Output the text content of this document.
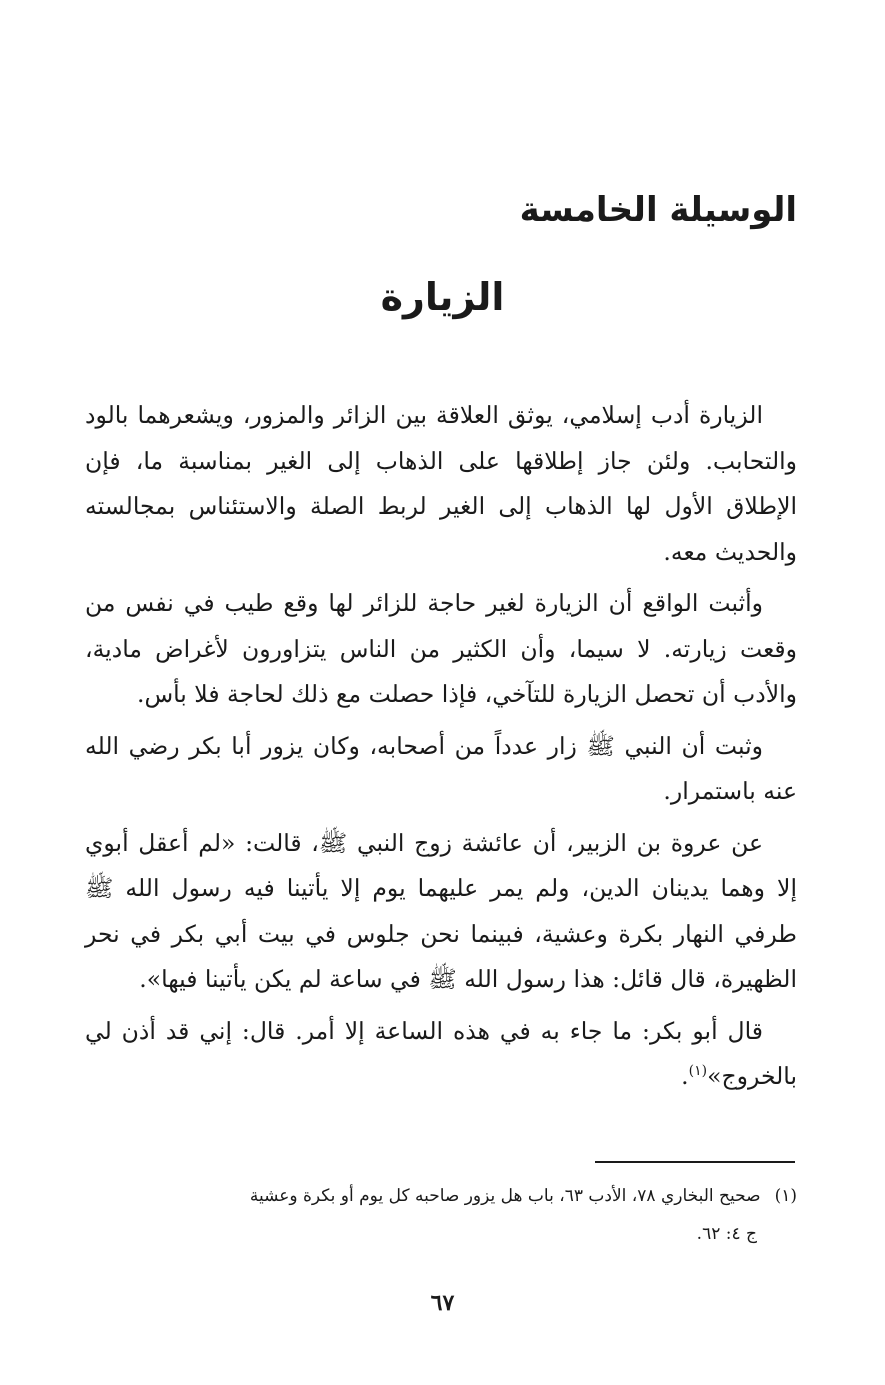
الوسيلة الخامسة
الزيارة

الزيارة أدب إسلامي، يوثق العلاقة بين الزائر والمزور، ويشعرهما بالود والتحابب. ولئن جاز إطلاقها على الذهاب إلى الغير بمناسبة ما، فإن الإطلاق الأول لها الذهاب إلى الغير لربط الصلة والاستئناس بمجالسته والحديث معه.

وأثبت الواقع أن الزيارة لغير حاجة للزائر لها وقع طيب في نفس من وقعت زيارته. لا سيما، وأن الكثير من الناس يتزاورون لأغراض مادية، والأدب أن تحصل الزيارة للتآخي، فإذا حصلت مع ذلك لحاجة فلا بأس.

وثبت أن النبي ﷺ زار عدداً من أصحابه، وكان يزور أبا بكر رضي الله عنه باستمرار.

عن عروة بن الزبير، أن عائشة زوج النبي ﷺ، قالت: «لم أعقل أبوي إلا وهما يدينان الدين، ولم يمر عليهما يوم إلا يأتينا فيه رسول الله ﷺ طرفي النهار بكرة وعشية، فبينما نحن جلوس في بيت أبي بكر في نحر الظهيرة، قال قائل: هذا رسول الله ﷺ في ساعة لم يكن يأتينا فيها».

قال أبو بكر: ما جاء به في هذه الساعة إلا أمر. قال: إني قد أذن لي بالخروج»$^{(١)}$.

(١)صحيح البخاري ٧٨، الأدب ٦٣، باب هل يزور صاحبه كل يوم أو بكرة وعشية
ج ٤: ٦٢.
٦٧
